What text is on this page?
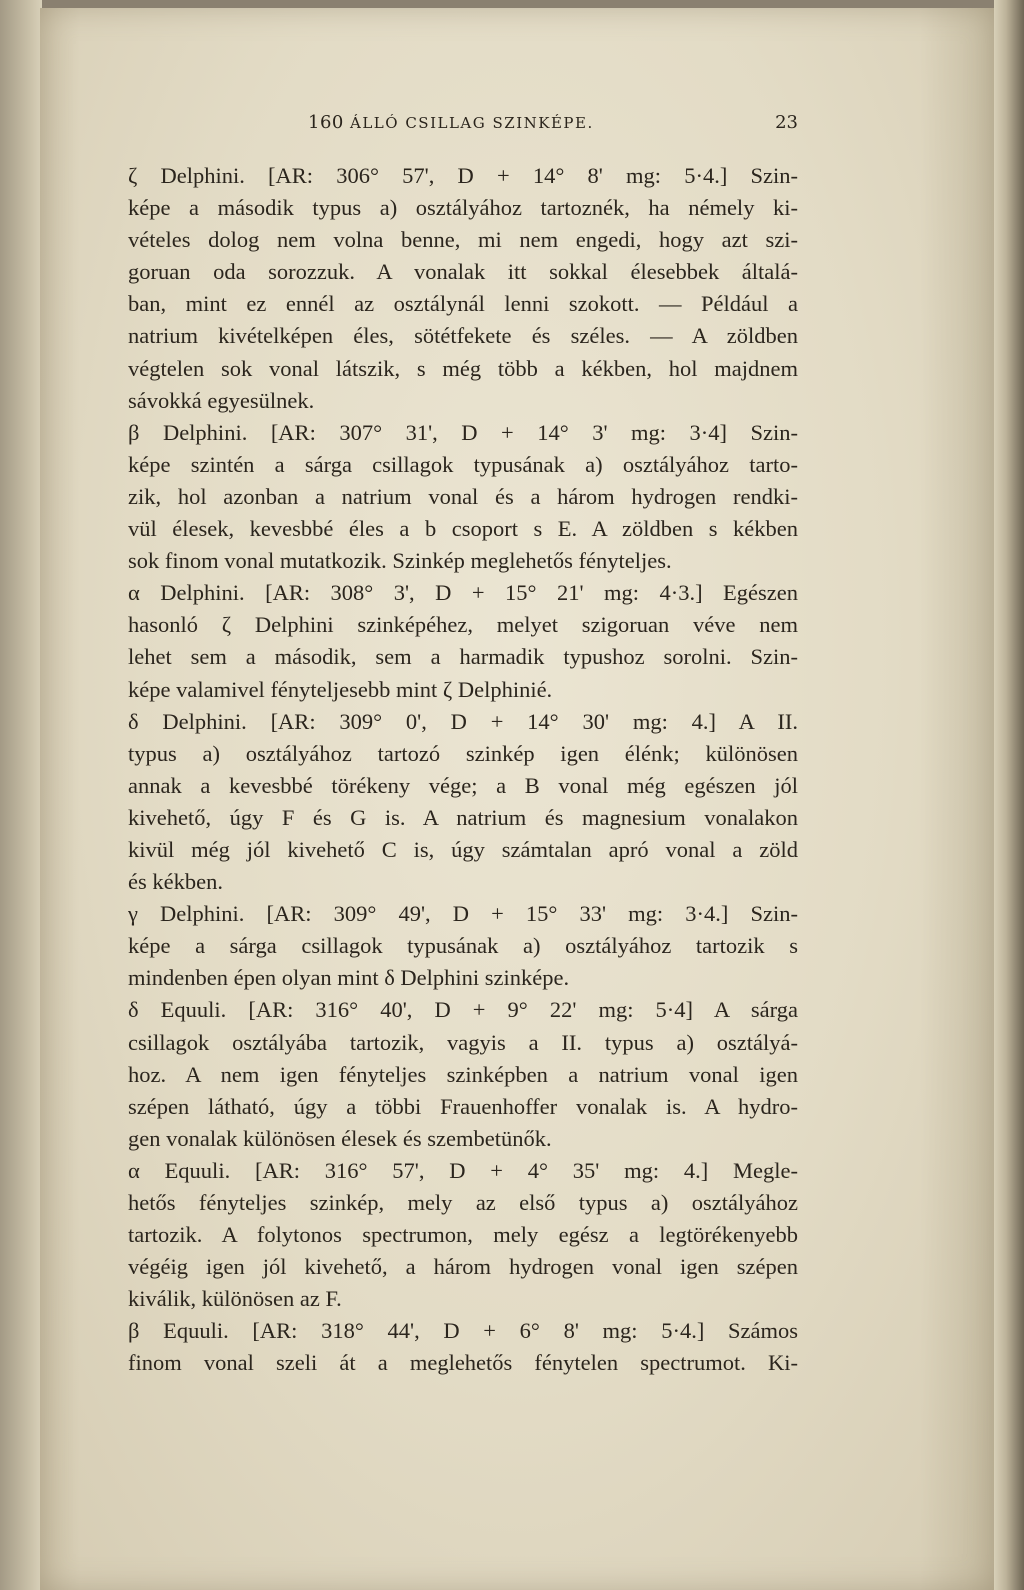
160 ÁLLÓ CSILLAG SZINKÉPE.	23
ζ Delphini. [AR: 306° 57', D + 14° 8' mg: 5·4.] Szin-
képe a második typus a) osztályához tartoznék, ha némely ki-
vételes dolog nem volna benne, mi nem engedi, hogy azt szi-
goruan oda sorozzuk. A vonalak itt sokkal élesebbek általá-
ban, mint ez ennél az osztálynál lenni szokott. — Például a
natrium kivételképen éles, sötétfekete és széles. — A zöldben
végtelen sok vonal látszik, s még több a kékben, hol majdnem
sávokká egyesülnek.
β Delphini. [AR: 307° 31', D + 14° 3' mg: 3·4] Szin-
képe szintén a sárga csillagok typusának a) osztályához tarto-
zik, hol azonban a natrium vonal és a három hydrogen rendki-
vül élesek, kevesbbé éles a b csoport s E. A zöldben s kékben
sok finom vonal mutatkozik. Szinkép meglehetős fényteljes.
α Delphini. [AR: 308° 3', D + 15° 21' mg: 4·3.] Egészen
hasonló ζ Delphini szinképéhez, melyet szigoruan véve nem
lehet sem a második, sem a harmadik typushoz sorolni. Szin-
képe valamivel fényteljesebb mint ζ Delphinié.
δ Delphini. [AR: 309° 0', D + 14° 30' mg: 4.] A II.
typus a) osztályához tartozó szinkép igen élénk; különösen
annak a kevesbbé törékeny vége; a B vonal még egészen jól
kivehető, úgy F és G is. A natrium és magnesium vonalakon
kivül még jól kivehető C is, úgy számtalan apró vonal a zöld
és kékben.
γ Delphini. [AR: 309° 49', D + 15° 33' mg: 3·4.] Szin-
képe a sárga csillagok typusának a) osztályához tartozik s
mindenben épen olyan mint δ Delphini szinképe.
δ Equuli. [AR: 316° 40', D + 9° 22' mg: 5·4] A sárga
csillagok osztályába tartozik, vagyis a II. typus a) osztályá-
hoz. A nem igen fényteljes szinképben a natrium vonal igen
szépen látható, úgy a többi Frauenhoffer vonalak is. A hydro-
gen vonalak különösen élesek és szembetünők.
α Equuli. [AR: 316° 57', D + 4° 35' mg: 4.] Megle-
hetős fényteljes szinkép, mely az első typus a) osztályához
tartozik. A folytonos spectrumon, mely egész a legtörékenyebb
végéig igen jól kivehető, a három hydrogen vonal igen szépen
kiválik, különösen az F.
β Equuli. [AR: 318° 44', D + 6° 8' mg: 5·4.] Számos
finom vonal szeli át a meglehetős fénytelen spectrumot. Ki-
